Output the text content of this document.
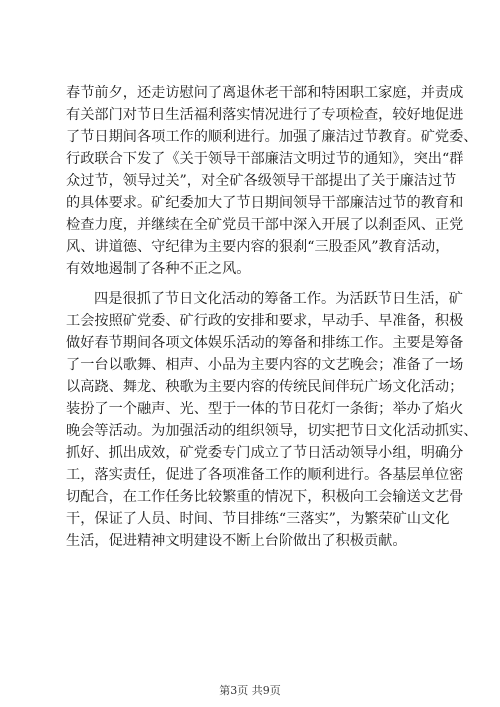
春节前夕，还走访慰问了离退休老干部和特困职工家庭，并责成
有关部门对节日生活福利落实情况进行了专项检查，较好地促进
了节日期间各项工作的顺利进行。加强了廉洁过节教育。矿党委、
行政联合下发了《关于领导干部廉洁文明过节的通知》，突出“群
众过节，领导过关”，对全矿各级领导干部提出了关于廉洁过节
的具体要求。矿纪委加大了节日期间领导干部廉洁过节的教育和
检查力度，并继续在全矿党员干部中深入开展了以刹歪风、正党
风、讲道德、守纪律为主要内容的狠刹“三股歪风”教育活动，
有效地遏制了各种不正之风。
四是很抓了节日文化活动的筹备工作。为活跃节日生活，矿
工会按照矿党委、矿行政的安排和要求，早动手、早准备，积极
做好春节期间各项文体娱乐活动的筹备和排练工作。主要是筹备
了一台以歌舞、相声、小品为主要内容的文艺晚会；准备了一场
以高跷、舞龙、秧歌为主要内容的传统民间伴玩广场文化活动；
装扮了一个融声、光、型于一体的节日花灯一条街；举办了焰火
晚会等活动。为加强活动的组织领导，切实把节日文化活动抓实、
抓好、抓出成效，矿党委专门成立了节日活动领导小组，明确分
工，落实责任，促进了各项准备工作的顺利进行。各基层单位密
切配合，在工作任务比较繁重的情况下，积极向工会输送文艺骨
干，保证了人员、时间、节目排练“三落实”，为繁荣矿山文化
生活，促进精神文明建设不断上台阶做出了积极贡献。
第3页 共9页
